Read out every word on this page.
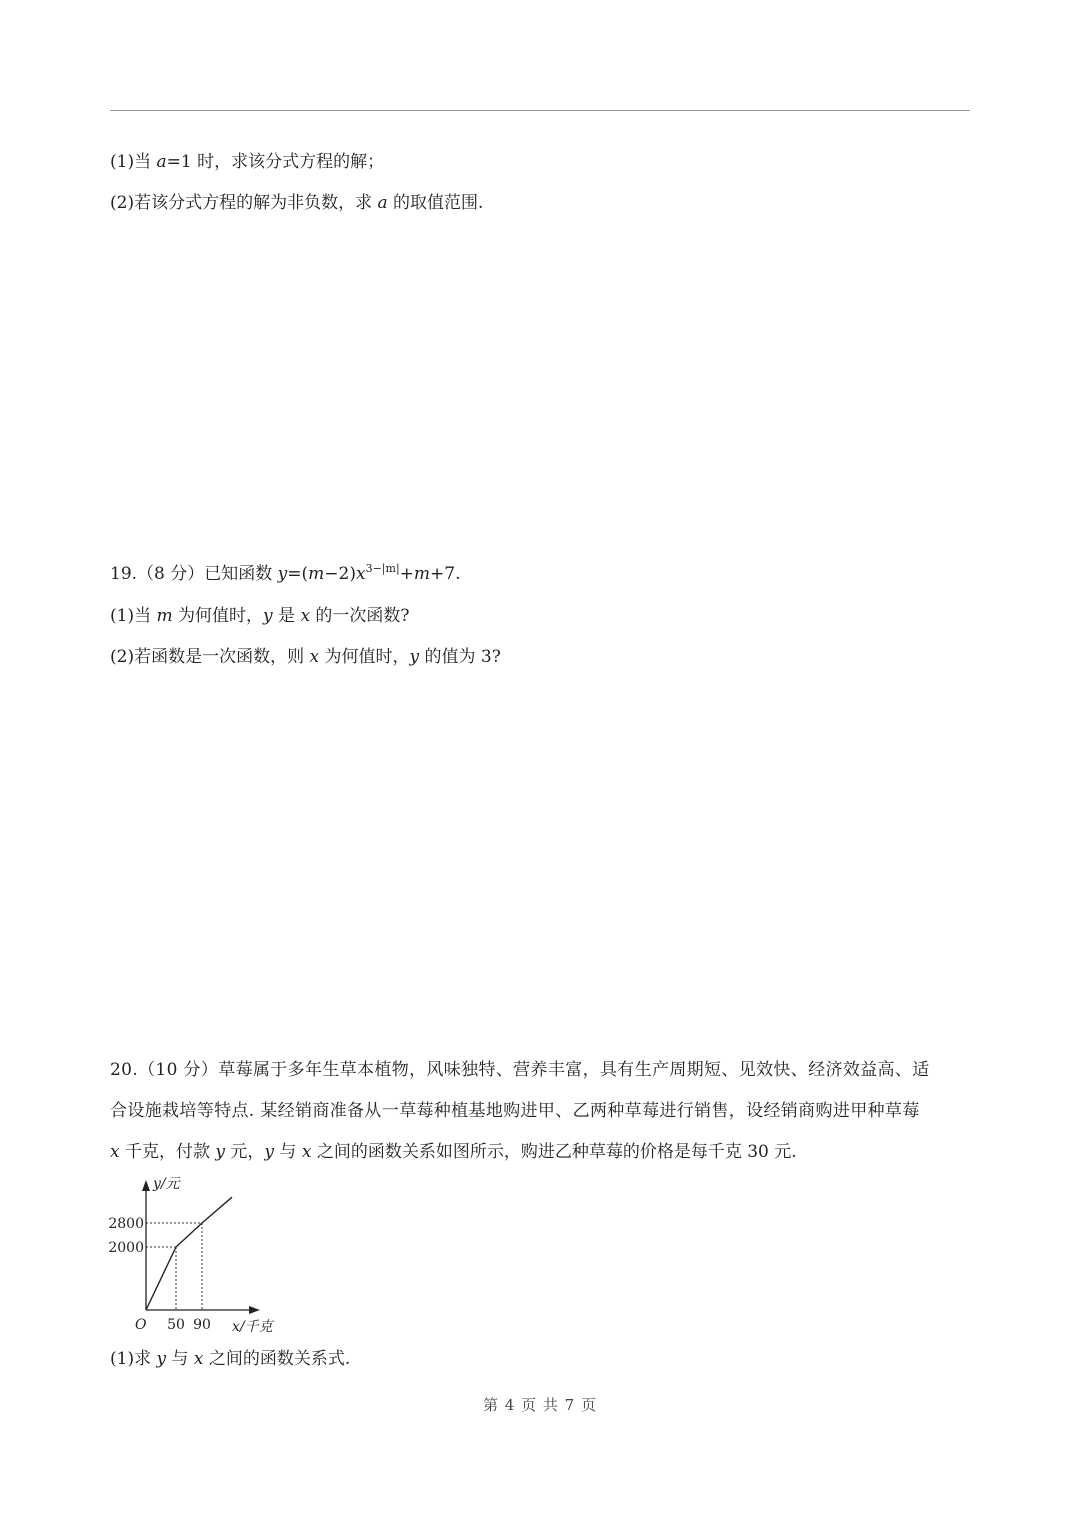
(1)当 a=1 时，求该分式方程的解；
(2)若该分式方程的解为非负数，求 a 的取值范围.
19.（8 分）已知函数 $y=(m-2)x^{3-|m|}+m+7$.
(1)当 m 为何值时，y 是 x 的一次函数?
(2)若函数是一次函数，则 x 为何值时，y 的值为 3?
20.（10 分）草莓属于多年生草本植物，风味独特、营养丰富，具有生产周期短、见效快、经济效益高、适
合设施栽培等特点. 某经销商准备从一草莓种植基地购进甲、乙两种草莓进行销售，设经销商购进甲种草莓
x 千克，付款 y 元，y 与 x 之间的函数关系如图所示，购进乙种草莓的价格是每千克 30 元.
y/元
x/千克
O 50 90
2000
2800
(1)求 y 与 x 之间的函数关系式.
第 4 页 共 7 页
